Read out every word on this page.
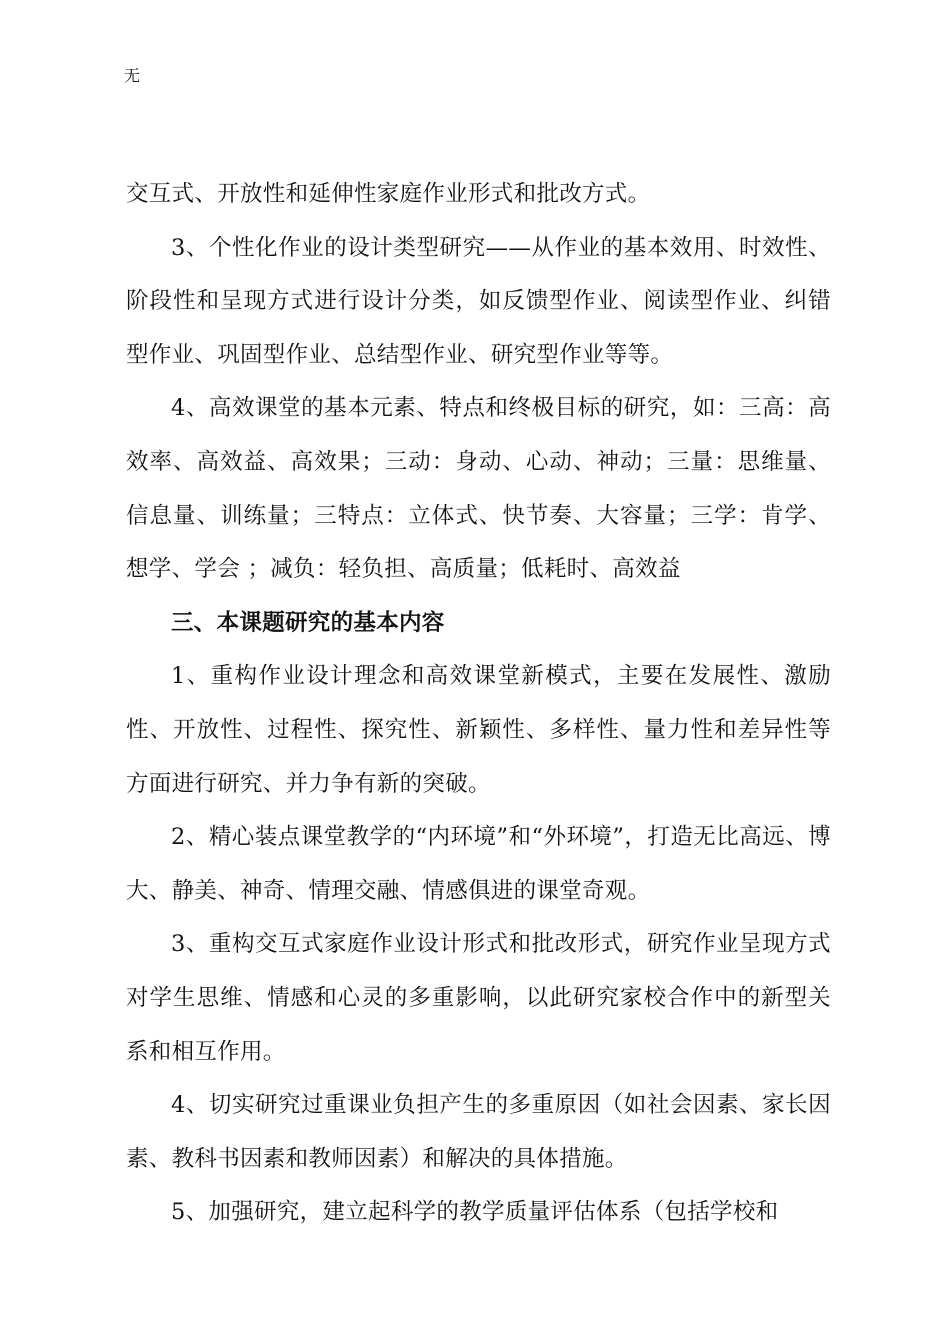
无

交互式、开放性和延伸性家庭作业形式和批改方式。

3、个性化作业的设计类型研究——从作业的基本效用、时效性、阶段性和呈现方式进行设计分类，如反馈型作业、阅读型作业、纠错型作业、巩固型作业、总结型作业、研究型作业等等。

4、高效课堂的基本元素、特点和终极目标的研究，如：三高：高效率、高效益、高效果；三动：身动、心动、神动；三量：思维量、信息量、训练量；三特点：立体式、快节奏、大容量；三学：肯学、想学、学会 ；减负：轻负担、高质量；低耗时、高效益

三、本课题研究的基本内容

1、重构作业设计理念和高效课堂新模式，主要在发展性、激励性、开放性、过程性、探究性、新颖性、多样性、量力性和差异性等方面进行研究、并力争有新的突破。

2、精心装点课堂教学的“内环境”和“外环境”，打造无比高远、博大、静美、神奇、情理交融、情感俱进的课堂奇观。

3、重构交互式家庭作业设计形式和批改形式，研究作业呈现方式对学生思维、情感和心灵的多重影响，以此研究家校合作中的新型关系和相互作用。

4、切实研究过重课业负担产生的多重原因（如社会因素、家长因素、教科书因素和教师因素）和解决的具体措施。

5、加强研究，建立起科学的教学质量评估体系（包括学校和
